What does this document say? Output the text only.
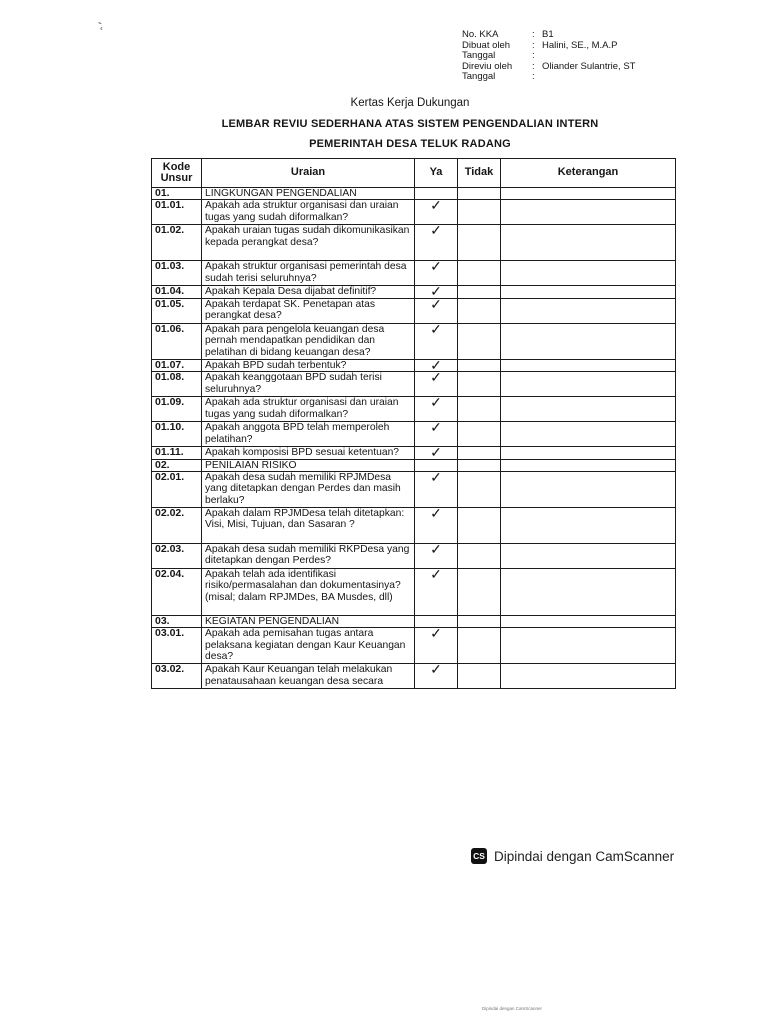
‐˛
No. KKA	: B1
Dibuat oleh	: Halini, SE., M.A.P
Tanggal	:
Direviu oleh	: Oliander Sulantrie, ST
Tanggal	:
Kertas Kerja Dukungan
LEMBAR REVIU SEDERHANA ATAS SISTEM PENGENDALIAN INTERN
PEMERINTAH DESA TELUK RADANG
Kode Unsur	Uraian	Ya	Tidak	Keterangan
01.	LINGKUNGAN PENGENDALIAN			
01.01.	Apakah ada struktur organisasi dan uraian tugas yang sudah diformalkan?	✓		
01.02.	Apakah uraian tugas sudah dikomunikasikan kepada perangkat desa?	✓		
01.03.	Apakah struktur organisasi pemerintah desa sudah terisi seluruhnya?	✓		
01.04.	Apakah Kepala Desa dijabat definitif?	✓		
01.05.	Apakah terdapat SK. Penetapan atas perangkat desa?	✓		
01.06.	Apakah para pengelola keuangan desa pernah mendapatkan pendidikan dan pelatihan di bidang keuangan desa?	✓		
01.07.	Apakah BPD sudah terbentuk?	✓		
01.08.	Apakah keanggotaan BPD sudah terisi seluruhnya?	✓		
01.09.	Apakah ada struktur organisasi dan uraian tugas yang sudah diformalkan?	✓		
01.10.	Apakah anggota BPD telah memperoleh pelatihan?	✓		
01.11.	Apakah komposisi BPD sesuai ketentuan?	✓		
02.	PENILAIAN RISIKO			
02.01.	Apakah desa sudah memiliki RPJMDesa yang ditetapkan dengan Perdes dan masih berlaku?	✓		
02.02.	Apakah dalam RPJMDesa telah ditetapkan: Visi, Misi, Tujuan, dan Sasaran ?	✓		
02.03.	Apakah desa sudah memiliki RKPDesa yang ditetapkan dengan Perdes?	✓		
02.04.	Apakah telah ada identifikasi risiko/permasalahan dan dokumentasinya? (misal; dalam RPJMDes, BA Musdes, dll)	✓		
03.	KEGIATAN PENGENDALIAN			
03.01.	Apakah ada pemisahan tugas antara pelaksana kegiatan dengan Kaur Keuangan desa?	✓		
03.02.	Apakah Kaur Keuangan telah melakukan penatausahaan keuangan desa secara	✓		
CS Dipindai dengan CamScanner
Dipindai dengan CamScanner
